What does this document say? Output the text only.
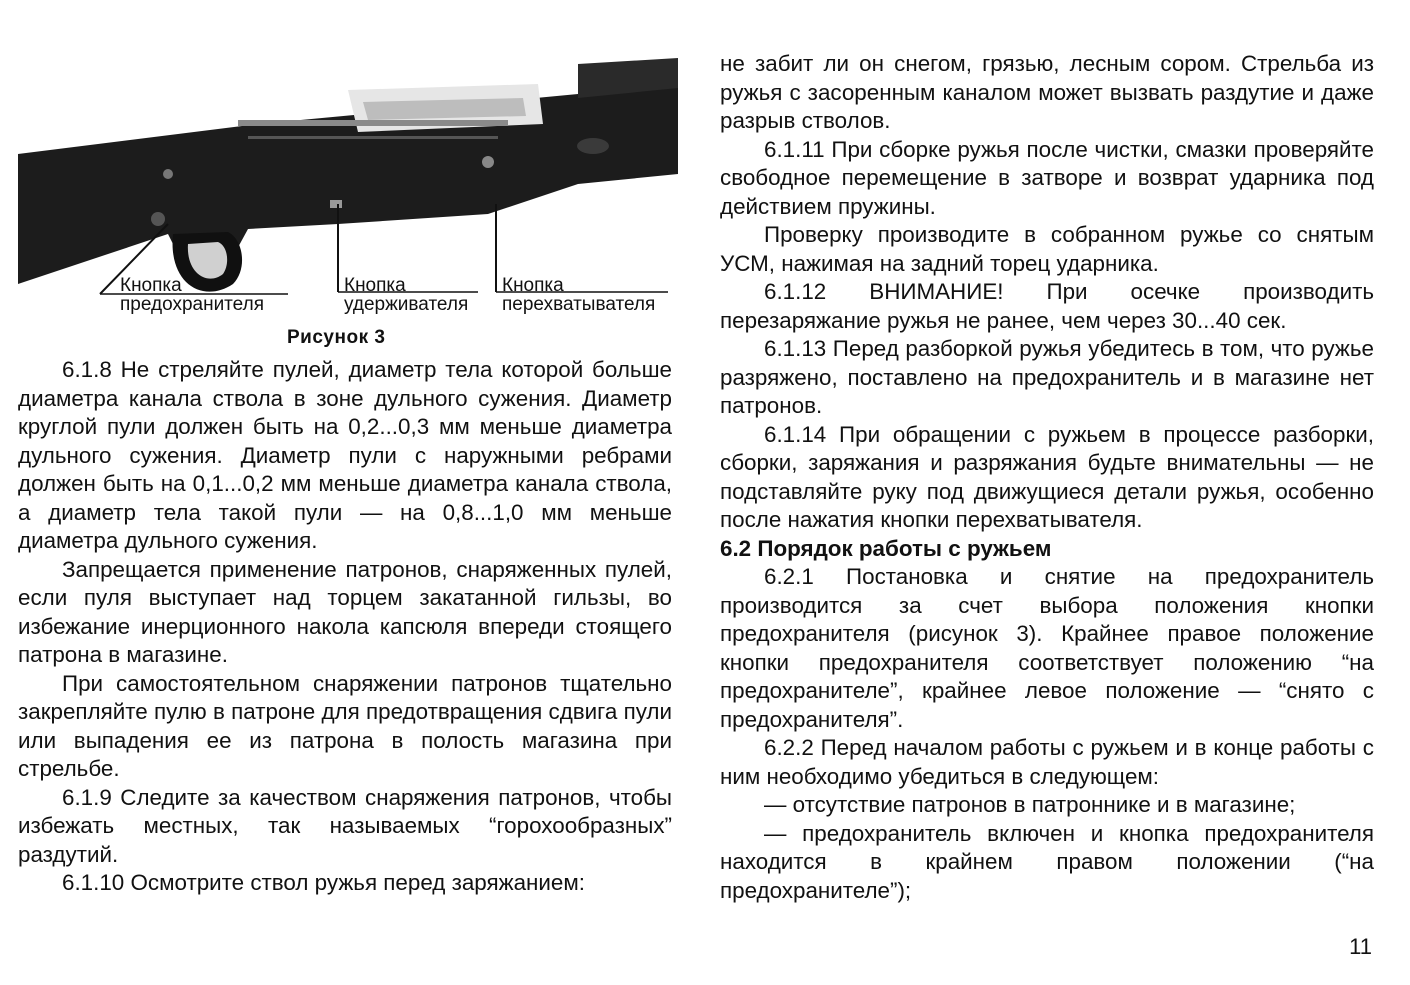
Кнопка
предохранителя
Кнопка
удерживателя
Кнопка
перехватывателя
Рисунок 3

6.1.8 Не стреляйте пулей, диаметр тела которой больше диаметра канала ствола в зоне дульного сужения. Диаметр круглой пули должен быть на 0,2...0,3 мм меньше диаметра дульного сужения. Диаметр пули с наружными ребрами должен быть на 0,1...0,2 мм меньше диаметра канала ствола, а диаметр тела такой пули — на 0,8...1,0 мм меньше диаметра дульного сужения.

Запрещается применение патронов, снаряженных пулей, если пуля выступает над торцем закатанной гильзы, во избежание инерционного накола капсюля впереди стоящего патрона в магазине.

При самостоятельном снаряжении патронов тщательно закрепляйте пулю в патроне для предотвращения сдвига пули или выпадения ее из патрона в полость магазина при стрельбе.

6.1.9 Следите за качеством снаряжения патронов, чтобы избежать местных, так называемых “горохообразных” раздутий.

6.1.10 Осмотрите ствол ружья перед заряжанием:

не забит ли он снегом, грязью, лесным сором. Стрельба из ружья с засоренным каналом может вызвать раздутие и даже разрыв стволов.

6.1.11 При сборке ружья после чистки, смазки проверяйте свободное перемещение в затворе и возврат ударника под действием пружины.

Проверку производите в собранном ружье со снятым УСМ, нажимая на задний торец ударника.

6.1.12 ВНИМАНИЕ! При осечке производить перезаряжание ружья не ранее, чем через 30...40 сек.

6.1.13 Перед разборкой ружья убедитесь в том, что ружье разряжено, поставлено на предохранитель и в магазине нет патронов.

6.1.14 При обращении с ружьем в процессе разборки, сборки, заряжания и разряжания будьте внимательны — не подставляйте руку под движущиеся детали ружья, особенно после нажатия кнопки перехватывателя.

6.2 Порядок работы с ружьем

6.2.1 Постановка и снятие на предохранитель производится за счет выбора положения кнопки предохранителя (рисунок 3). Крайнее правое положение кнопки предохранителя соответствует положению “на предохранителе”, крайнее левое положение — “снято с предохранителя”.

6.2.2 Перед началом работы с ружьем и в конце работы с ним необходимо убедиться в следующем:

— отсутствие патронов в патроннике и в магазине;

— предохранитель включен и кнопка предохранителя находится в крайнем правом положении (“на предохранителе”);

11
